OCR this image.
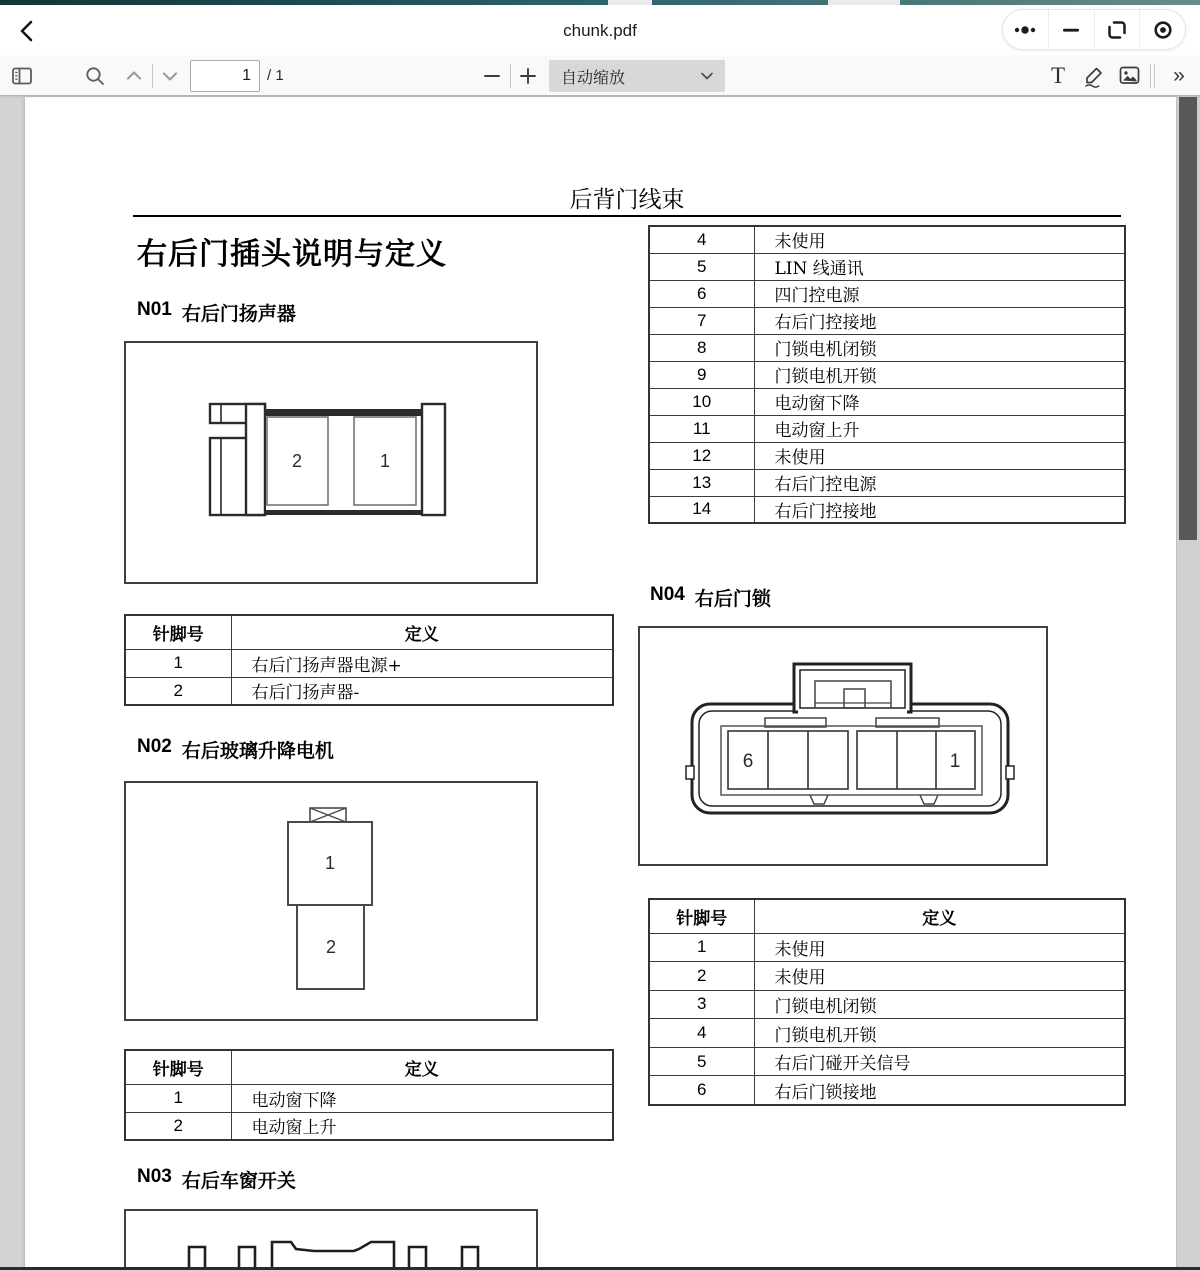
chunk.pdf
1
/ 1	自动缩放	T	»
后背门线束
右后门插头说明与定义
N01 右后门扬声器
2	1
针脚号	定义
1	右后门扬声器电源+
2	右后门扬声器-
N02 右后玻璃升降电机
1
2
针脚号	定义
1	电动窗下降
2	电动窗上升
N03 右后车窗开关
4	未使用
5	LIN 线通讯
6	四门控电源
7	右后门控接地
8	门锁电机闭锁
9	门锁电机开锁
10	电动窗下降
11	电动窗上升
12	未使用
13	右后门控电源
14	右后门控接地
N04 右后门锁
6	1
针脚号	定义
1	未使用
2	未使用
3	门锁电机闭锁
4	门锁电机开锁
5	右后门碰开关信号
6	右后门锁接地
